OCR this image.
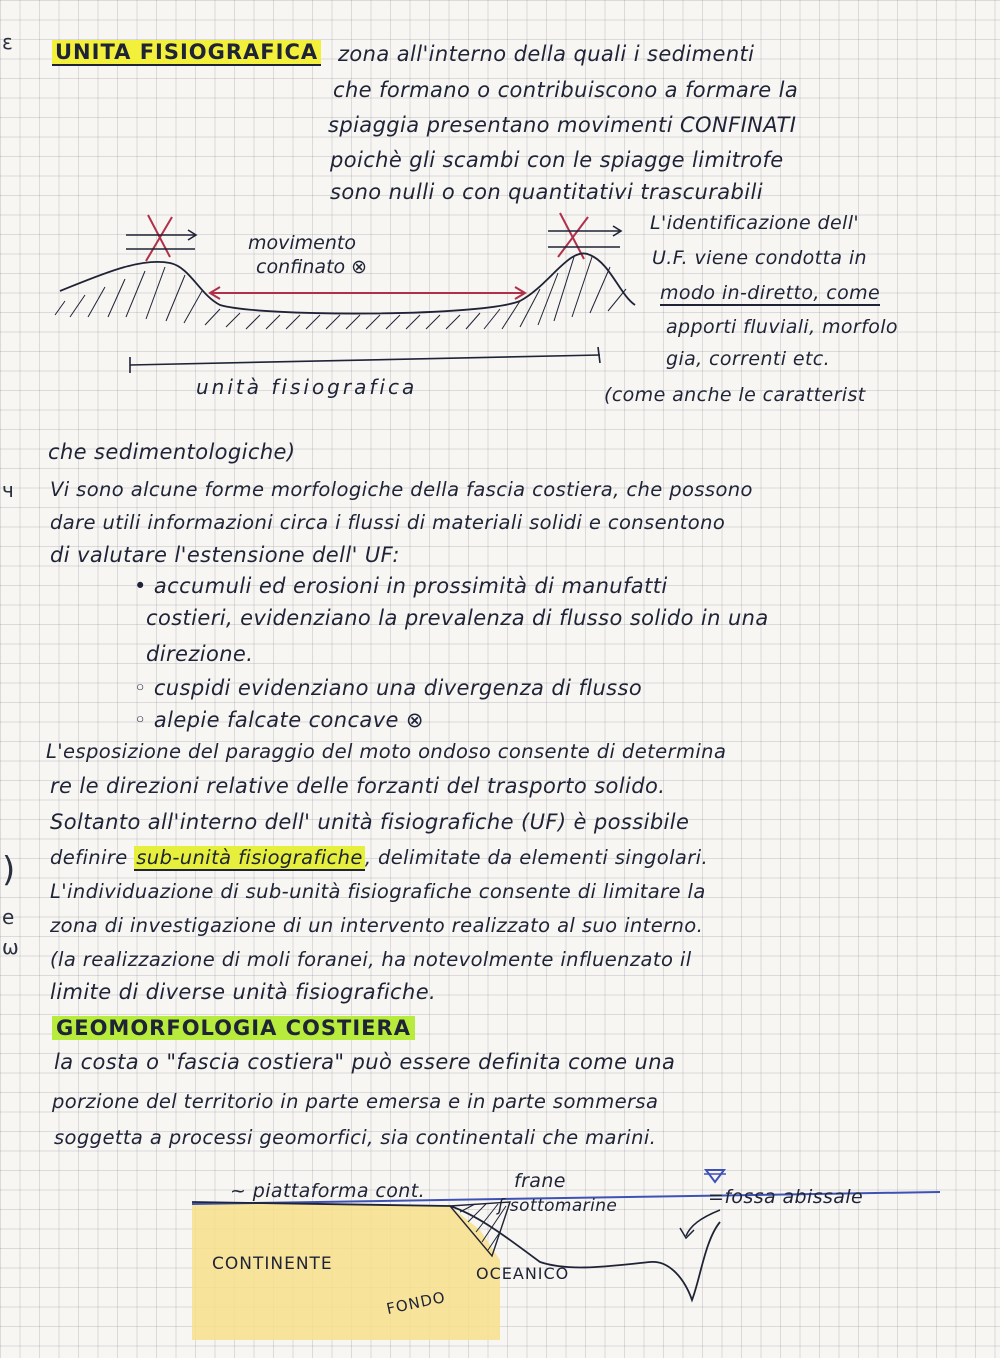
ε
ч
)
e
ω
UNITA FISIOGRAFICA zona all'interno della quali i sedimenti
che formano o contribuiscono a formare la
spiaggia presentano movimenti CONFINATI
poichè gli scambi con le spiagge limitrofe
sono nulli o con quantitativi trascurabili
movimento
confinato ⊗
unità fisiografica
L'identificazione dell'
U.F. viene condotta in
modo in-diretto, come
apporti fluviali, morfolo
gia, correnti etc.
(come anche le caratterist
che sedimentologiche)
Vi sono alcune forme morfologiche della fascia costiera, che possono
dare utili informazioni circa i flussi di materiali solidi e consentono
di valutare l'estensione dell' UF:
• accumuli ed erosioni in prossimità di manufatti
costieri, evidenziano la prevalenza di flusso solido in una
direzione.
◦ cuspidi evidenziano una divergenza di flusso
◦ alepie falcate concave ⊗
L'esposizione del paraggio del moto ondoso consente di determina
re le direzioni relative delle forzanti del trasporto solido.
Soltanto all'interno dell' unità fisiografiche (UF) è possibile
definire sub-unità fisiografiche , delimitate da elementi singolari.
L'individuazione di sub-unità fisiografiche consente di limitare la
zona di investigazione di un intervento realizzato al suo interno.
(la realizzazione di moli foranei, ha notevolmente influenzato il
limite di diverse unità fisiografiche.
GEOMORFOLOGIA COSTIERA
la costa o "fascia costiera" può essere definita come una
porzione del territorio in parte emersa e in parte sommersa
soggetta a processi geomorfici, sia continentali che marini.
~ piattaforma cont.	frane
ʃ sottomarine	=fossa abissale
CONTINENTE
FONDO
OCEANICO
